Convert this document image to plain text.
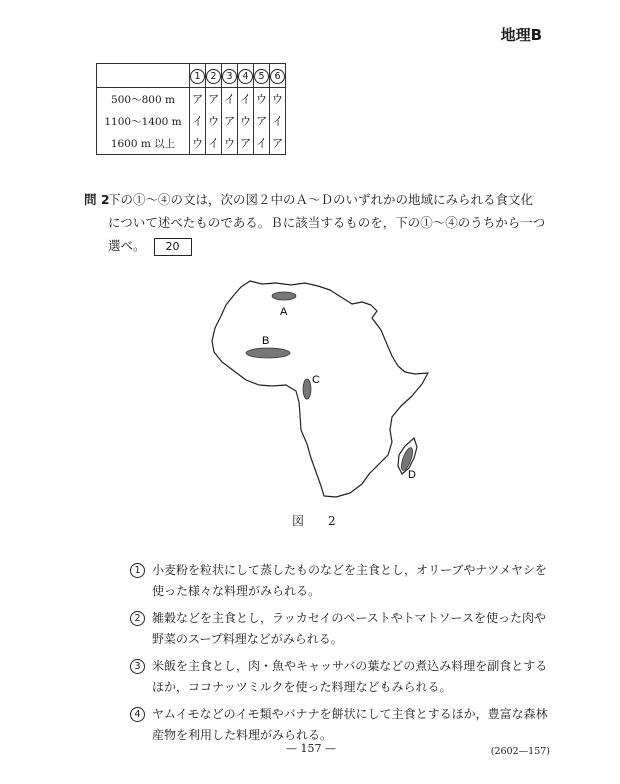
地理B
	1	2	3	4	5	6
500～800 m	ア	ア	イ	イ	ウ	ウ
1100～1400 m	イ	ウ	ア	ウ	ア	イ
1600 m 以上	ウ	イ	ウ	ア	イ	ア
問 2

下の①～④の文は，次の図２中のＡ～Ｄのいずれかの地域にみられる食文化

について述べたものである。Ｂに該当するものを，下の①～④のうちから一つ

選べ。 20

A
B
C
D
図　2
1 小麦粉を粒状にして蒸したものなどを主食とし，オリーブやナツメヤシを使った様々な料理がみられる。
2 雑穀などを主食とし，ラッカセイのペーストやトマトソースを使った肉や野菜のスープ料理などがみられる。
3 米飯を主食とし，肉・魚やキャッサバの葉などの煮込み料理を副食とするほか，ココナッツミルクを使った料理などもみられる。
4 ヤムイモなどのイモ類やバナナを餅状にして主食とするほか，豊富な森林産物を利用した料理がみられる。
— 157 —	(2602—157)
